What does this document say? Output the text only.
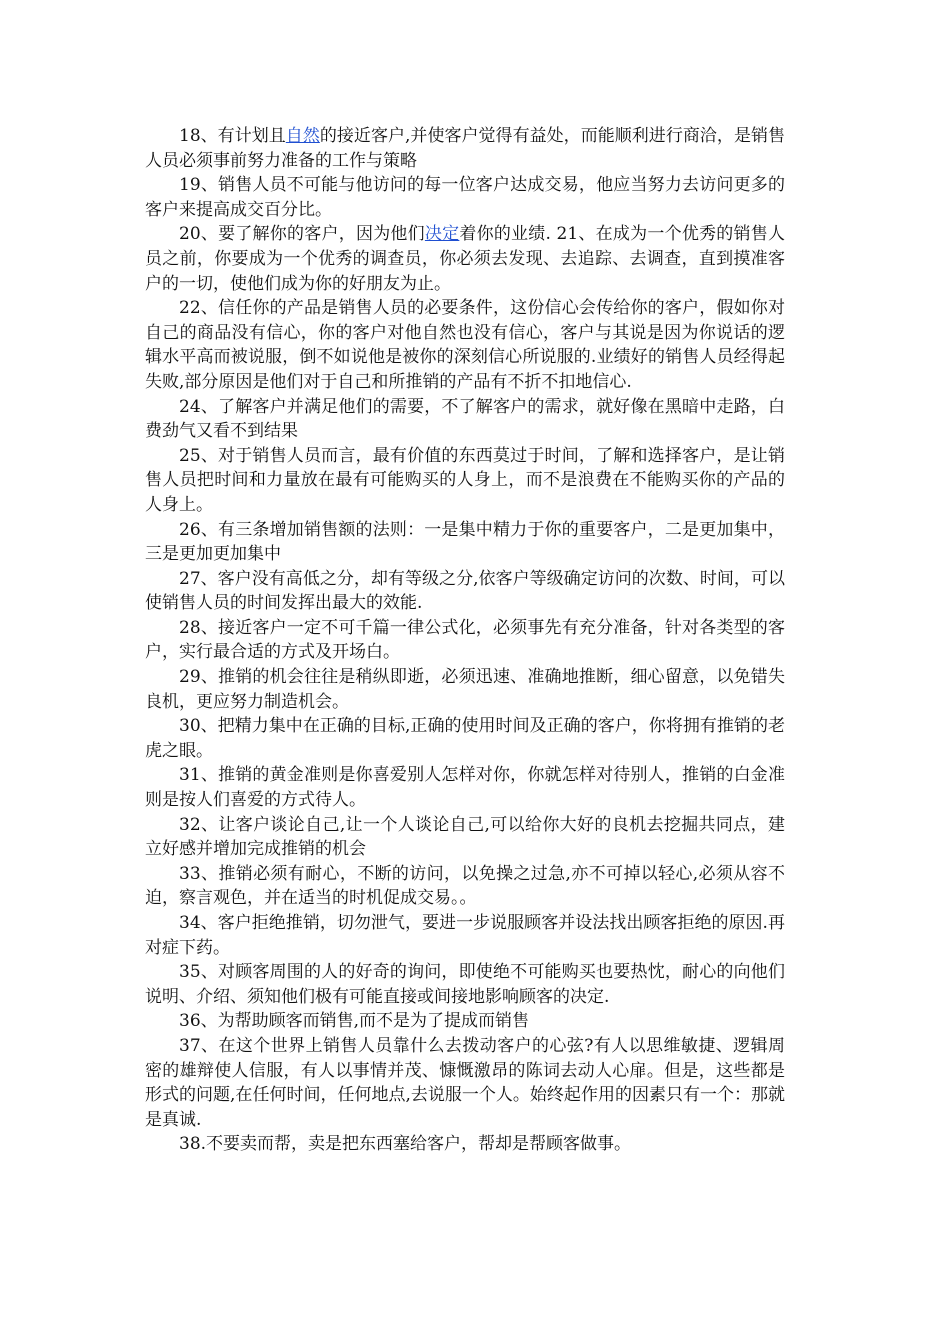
18、有计划且自然的接近客户,并使客户觉得有益处，而能顺利进行商洽，是销售人员必须事前努力准备的工作与策略

19、销售人员不可能与他访问的每一位客户达成交易，他应当努力去访问更多的客户来提高成交百分比。

20、要了解你的客户，因为他们决定着你的业绩. 21、在成为一个优秀的销售人员之前，你要成为一个优秀的调查员，你必须去发现、去追踪、去调查，直到摸准客户的一切，使他们成为你的好朋友为止。

22、信任你的产品是销售人员的必要条件，这份信心会传给你的客户，假如你对自己的商品没有信心，你的客户对他自然也没有信心，客户与其说是因为你说话的逻辑水平高而被说服，倒不如说他是被你的深刻信心所说服的.业绩好的销售人员经得起失败,部分原因是他们对于自己和所推销的产品有不折不扣地信心.

24、了解客户并满足他们的需要，不了解客户的需求，就好像在黑暗中走路，白费劲气又看不到结果

25、对于销售人员而言，最有价值的东西莫过于时间，了解和选择客户，是让销售人员把时间和力量放在最有可能购买的人身上，而不是浪费在不能购买你的产品的人身上。

26、有三条增加销售额的法则：一是集中精力于你的重要客户，二是更加集中，三是更加更加集中

27、客户没有高低之分，却有等级之分,依客户等级确定访问的次数、时间，可以使销售人员的时间发挥出最大的效能.

28、接近客户一定不可千篇一律公式化，必须事先有充分准备，针对各类型的客户，实行最合适的方式及开场白。

29、推销的机会往往是稍纵即逝，必须迅速、准确地推断，细心留意，以免错失良机，更应努力制造机会。

30、把精力集中在正确的目标,正确的使用时间及正确的客户，你将拥有推销的老虎之眼。

31、推销的黄金准则是你喜爱别人怎样对你，你就怎样对待别人，推销的白金准则是按人们喜爱的方式待人。

32、让客户谈论自己,让一个人谈论自己,可以给你大好的良机去挖掘共同点，建立好感并增加完成推销的机会

33、推销必须有耐心，不断的访问，以免操之过急,亦不可掉以轻心,必须从容不迫，察言观色，并在适当的时机促成交易。。

34、客户拒绝推销，切勿泄气，要进一步说服顾客并设法找出顾客拒绝的原因.再对症下药。

35、对顾客周围的人的好奇的询问，即使绝不可能购买也要热忱，耐心的向他们说明、介绍、须知他们极有可能直接或间接地影响顾客的决定.

36、为帮助顾客而销售,而不是为了提成而销售

37、在这个世界上销售人员靠什么去拨动客户的心弦?有人以思维敏捷、逻辑周密的雄辩使人信服，有人以事情并茂、慷慨激昂的陈词去动人心扉。但是，这些都是形式的问题,在任何时间，任何地点,去说服一个人。始终起作用的因素只有一个：那就是真诚.

38.不要卖而帮，卖是把东西塞给客户，帮却是帮顾客做事。
